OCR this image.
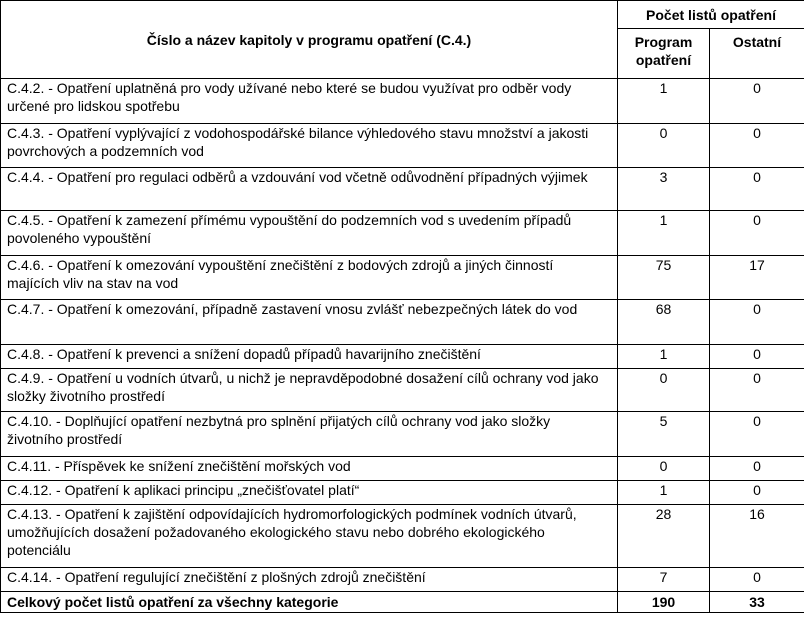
Číslo a název kapitoly v programu opatření (C.4.)	Počet listů opatření	
	Program opatření	Ostatní
C.4.2. - Opatření uplatněná pro vody užívané nebo které se budou využívat pro odběr vody určené pro lidskou spotřebu	1	0
C.4.3. - Opatření vyplývající z vodohospodářské bilance výhledového stavu množství a jakosti povrchových a podzemních vod	0	0
C.4.4. - Opatření pro regulaci odběrů a vzdouvání vod včetně odůvodnění případných výjimek	3	0
C.4.5. - Opatření k zamezení přímému vypouštění do podzemních vod s uvedením případů povoleného vypouštění	1	0
C.4.6. - Opatření k omezování vypouštění znečištění z bodových zdrojů a jiných činností majících vliv na stav na vod	75	17
C.4.7. - Opatření k omezování, případně zastavení vnosu zvlášť nebezpečných látek do vod	68	0
C.4.8. - Opatření k prevenci a snížení dopadů případů havarijního znečištění	1	0
C.4.9. - Opatření u vodních útvarů, u nichž je nepravděpodobné dosažení cílů ochrany vod jako složky životního prostředí	0	0
C.4.10. - Doplňující opatření nezbytná pro splnění přijatých cílů ochrany vod jako složky životního prostředí	5	0
C.4.11. - Příspěvek ke snížení znečištění mořských vod	0	0
C.4.12. - Opatření k aplikaci principu „znečišťovatel platí“	1	0
C.4.13. - Opatření k zajištění odpovídajících hydromorfologických podmínek vodních útvarů, umožňujících dosažení požadovaného ekologického stavu nebo dobrého ekologického potenciálu	28	16
C.4.14. - Opatření regulující znečištění z plošných zdrojů znečištění	7	0
Celkový počet listů opatření za všechny kategorie	190	33
